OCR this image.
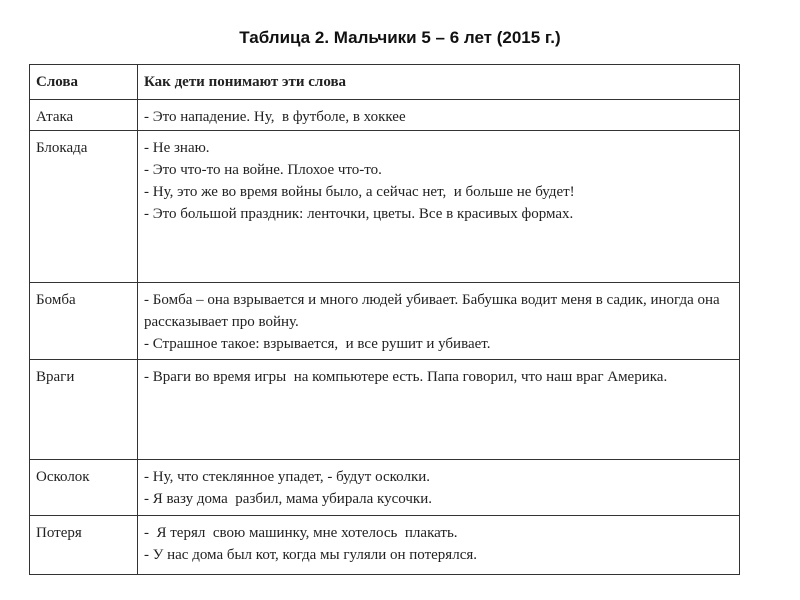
Таблица 2. Мальчики 5 – 6 лет (2015 г.)
Слова	Как дети понимают эти слова
Атака	- Это нападение. Ну,  в футболе, в хоккее

Блокада	- Не знаю.
- Это что-то на войне. Плохое что-то.
- Ну, это же во время войны было, а сейчас нет,  и больше не будет!
- Это большой праздник: ленточки, цветы. Все в красивых формах.

Бомба	- Бомба – она взрывается и много людей убивает. Бабушка водит меня в садик, иногда она рассказывает про войну.
- Страшное такое: взрывается,  и все рушит и убивает.

Враги	- Враги во время игры  на компьютере есть. Папа говорил, что наш враг Америка.

Осколок	- Ну, что стеклянное упадет, - будут осколки.
- Я вазу дома  разбил, мама убирала кусочки.

Потеря	-  Я терял  свою машинку, мне хотелось  плакать.
- У нас дома был кот, когда мы гуляли он потерялся.
